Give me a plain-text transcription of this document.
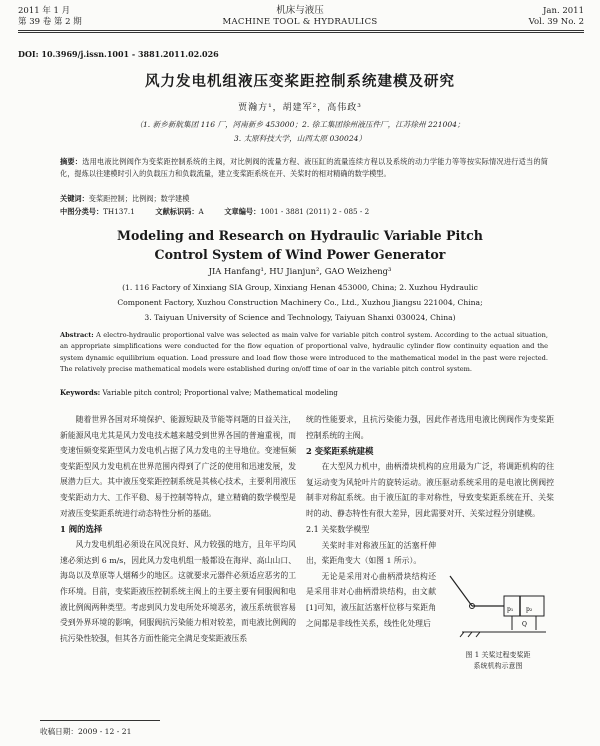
2011 年 1 月
第 39 卷 第 2 期
机床与液压
MACHINE TOOL & HYDRAULICS
Jan. 2011
Vol. 39 No. 2
DOI: 10.3969/j.issn.1001 - 3881.2011.02.026
风力发电机组液压变桨距控制系统建模及研究
贾瀚方¹，胡建军²，高伟政³
（1. 新乡新航集团 116 厂，河南新乡 453000；2. 徐工集团徐州液压件厂，江苏徐州 221004；
3. 太原科技大学，山西太原 030024）
摘要：选用电液比例阀作为变桨距控制系统的主阀，对比例阀的流量方程、液压缸的流量连续方程以及系统的动力学能力等等按实际情况进行适当的简化，提炼以往建模时引入的负载压力和负载流量，建立变桨距系统在开、关桨时的相对精确的数学模型。
关键词：变桨距控制；比例阀；数学建模
中图分类号：TH137.1	文献标识码：A	文章编号：1001 - 3881 (2011) 2 - 085 - 2
Modeling and Research on Hydraulic Variable Pitch
Control System of Wind Power Generator
JIA Hanfang¹, HU Jianjun², GAO Weizheng³
(1. 116 Factory of Xinxiang SIA Group, Xinxiang Henan 453000, China; 2. Xuzhou Hydraulic
Component Factory, Xuzhou Construction Machinery Co., Ltd., Xuzhou Jiangsu 221004, China;
3. Taiyuan University of Science and Technology, Taiyuan Shanxi 030024, China)
Abstract: A electro-hydraulic proportional valve was selected as main valve for variable pitch control system. According to the actual situation, an appropriate simplifications were conducted for the flow equation of proportional valve, hydraulic cylinder flow continuity equation and the system dynamic equilibrium equation. Load pressure and load flow those were introduced to the mathematical model in the past were rejected. The relatively precise mathematical models were established during on/off time of oar in the variable pitch control system.
Keywords: Variable pitch control; Proportional valve; Mathematical modeling

随着世界各国对环境保护、能源短缺及节能等问题的日益关注，新能源风电尤其是风力发电技术越来越受到世界各国的普遍重视，而变速恒频变桨距型风力发电机占据了风力发电的主导地位。变速恒频变桨距型风力发电机在世界范围内得到了广泛的使用和迅速发展，发展潜力巨大。其中液压变桨距控制系统是其核心技术，主要利用液压变桨距动力大、工作平稳、易于控制等特点，建立精确的数学模型是对液压变桨距系统进行动态特性分析的基础。

1 阀的选择

风力发电机组必须设在风况良好、风力较强的地方，且年平均风速必须达到 6 m/s，因此风力发电机组一般都设在海岸、高山山口、海岛以及草原等人烟稀少的地区。这就要求元器件必须适应恶劣的工作环境。目前，变桨距液压控制系统主阀上的主要主要有伺服阀和电液比例阀两种类型。考虑到风力发电所处环境恶劣，液压系统很容易受到外界环境的影响，伺服阀抗污染能力相对较差，而电液比例阀的抗污染性较强，但其各方面性能完全满足变桨距液压系

统的性能要求，且抗污染能力强，因此作者选用电液比例阀作为变桨距控制系统的主阀。
2 变桨距系统建模

在大型风力机中，曲柄滑块机构的应用最为广泛，将调距机构的往复运动变为风轮叶片的旋转运动。液压驱动系统采用的是电液比例阀控制非对称缸系统。由于液压缸的非对称性，导致变桨距系统在开、关桨时的动、静态特性有很大差异，因此需要对开、关桨过程分别建模。

2.1 关桨数学模型

关桨时非对称液压缸的活塞杆伸出，桨距角变大（如图 1 所示）。

无论是采用对心曲柄滑块结构还是采用非对心曲柄滑块结构，由文献[1]可知，液压缸活塞杆位移与桨距角之间都是非线性关系，线性化处理后

p₁ p₂
Q
图 1 关桨过程变桨距
系统机构示意图
收稿日期：2009 - 12 - 21
